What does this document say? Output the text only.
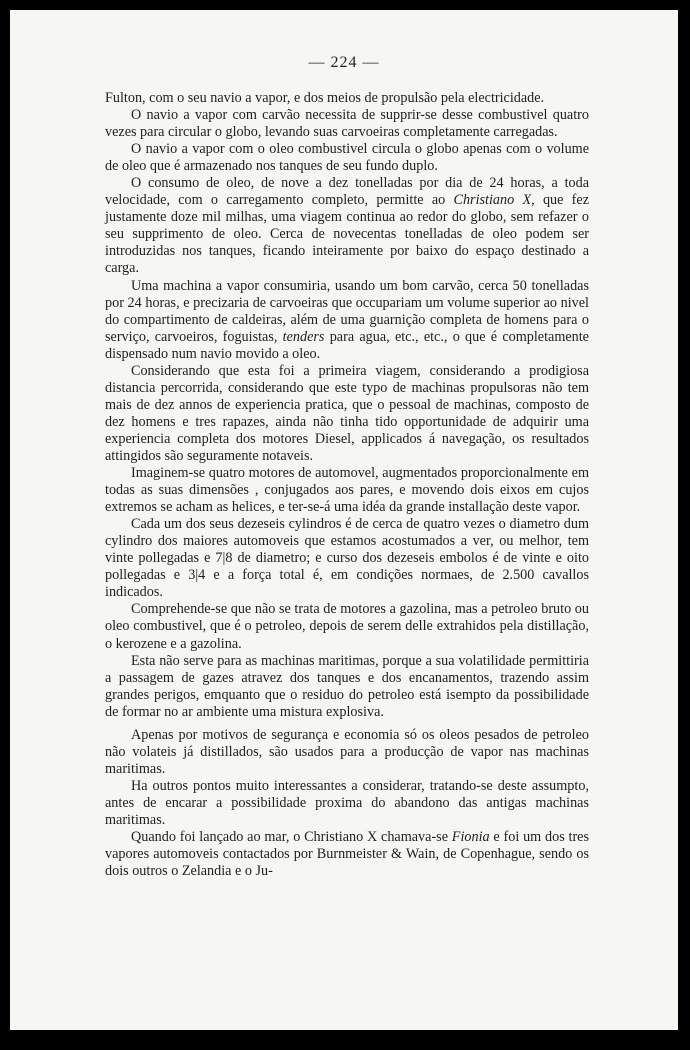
— 224 —

Fulton, com o seu navio a vapor, e dos meios de propulsão pela electricidade.

O navio a vapor com carvão necessita de supprir-se desse combustivel quatro vezes para circular o globo, levando suas carvoeiras completamente carregadas.

O navio a vapor com o oleo combustivel circula o globo apenas com o volume de oleo que é armazenado nos tanques de seu fundo duplo.

O consumo de oleo, de nove a dez tonelladas por dia de 24 horas, a toda velocidade, com o carregamento completo, permitte ao Christiano X, que fez justamente doze mil milhas, uma viagem continua ao redor do globo, sem refazer o seu supprimento de oleo. Cerca de novecentas tonelladas de oleo podem ser introduzidas nos tanques, ficando inteiramente por baixo do espaço destinado a carga.

Uma machina a vapor consumiria, usando um bom carvão, cerca 50 tonelladas por 24 horas, e precizaria de carvoeiras que occupariam um volume superior ao nivel do compartimento de caldeiras, além de uma guarnição completa de homens para o serviço, carvoeiros, foguistas, tenders para agua, etc., etc., o que é completamente dispensado num navio movido a oleo.

Considerando que esta foi a primeira viagem, considerando a prodigiosa distancia percorrida, considerando que este typo de machinas propulsoras não tem mais de dez annos de experiencia pratica, que o pessoal de machinas, composto de dez homens e tres rapazes, ainda não tinha tido opportunidade de adquirir uma experiencia completa dos motores Diesel, applicados á navegação, os resultados attingidos são seguramente notaveis.

Imaginem-se quatro motores de automovel, augmentados proporcionalmente em todas as suas dimensões , conjugados aos pares, e movendo dois eixos em cujos extremos se acham as helices, e ter-se-á uma idéa da grande installação deste vapor.

Cada um dos seus dezeseis cylindros é de cerca de quatro vezes o diametro dum cylindro dos maiores automoveis que estamos acostumados a ver, ou melhor, tem vinte pollegadas e 7|8 de diametro; e curso dos dezeseis embolos é de vinte e oito pollegadas e 3|4 e a força total é, em condições normaes, de 2.500 cavallos indicados.

Comprehende-se que não se trata de motores a gazolina, mas a petroleo bruto ou oleo combustivel, que é o petroleo, depois de serem delle extrahidos pela distillação, o kerozene e a gazolina.

Esta não serve para as machinas maritimas, porque a sua volatilidade permittiria a passagem de gazes atravez dos tanques e dos encanamentos, trazendo assim grandes perigos, emquanto que o residuo do petroleo está isempto da possibilidade de formar no ar ambiente uma mistura explosiva.

Apenas por motivos de segurança e economia só os oleos pesados de petroleo não volateis já distillados, são usados para a producção de vapor nas machinas maritimas.

Ha outros pontos muito interessantes a considerar, tratando-se deste assumpto, antes de encarar a possibilidade proxima do abandono das antigas machinas maritimas.

Quando foi lançado ao mar, o Christiano X chamava-se Fionia e foi um dos tres vapores automoveis contactados por Burnmeister & Wain, de Copenhague, sendo os dois outros o Zelandia e o Ju-
